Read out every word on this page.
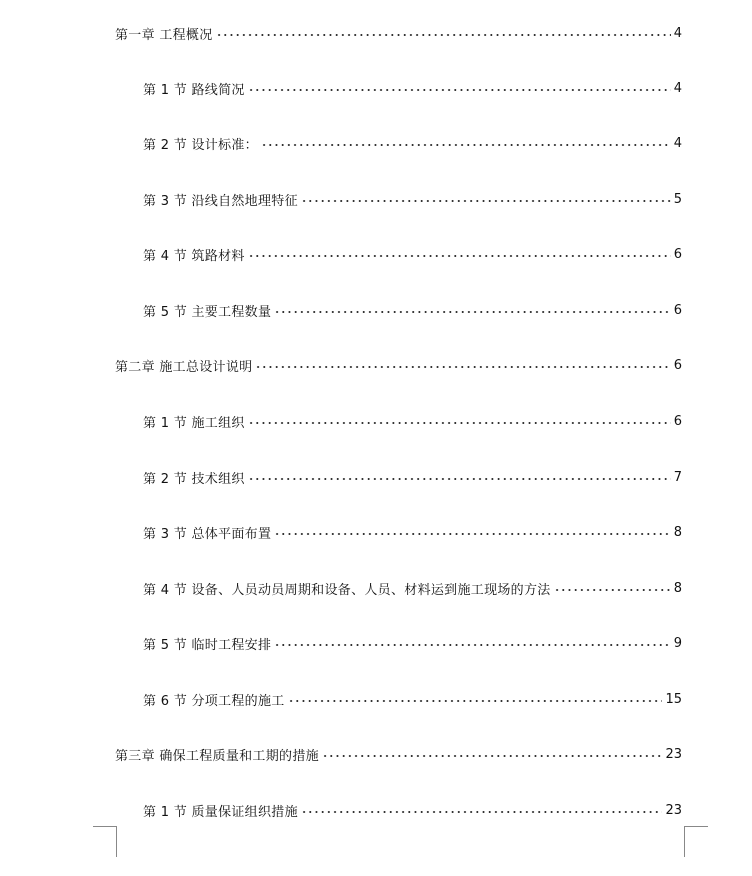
第一章 工程概况	4
第 1 节 路线简况	4
第 2 节 设计标准：	4
第 3 节 沿线自然地理特征	5
第 4 节 筑路材料	6
第 5 节 主要工程数量	6
第二章 施工总设计说明	6
第 1 节 施工组织	6
第 2 节 技术组织	7
第 3 节 总体平面布置	8
第 4 节 设备、人员动员周期和设备、人员、材料运到施工现场的方法	8
第 5 节 临时工程安排	9
第 6 节 分项工程的施工	15
第三章 确保工程质量和工期的措施	23
第 1 节 质量保证组织措施	23
